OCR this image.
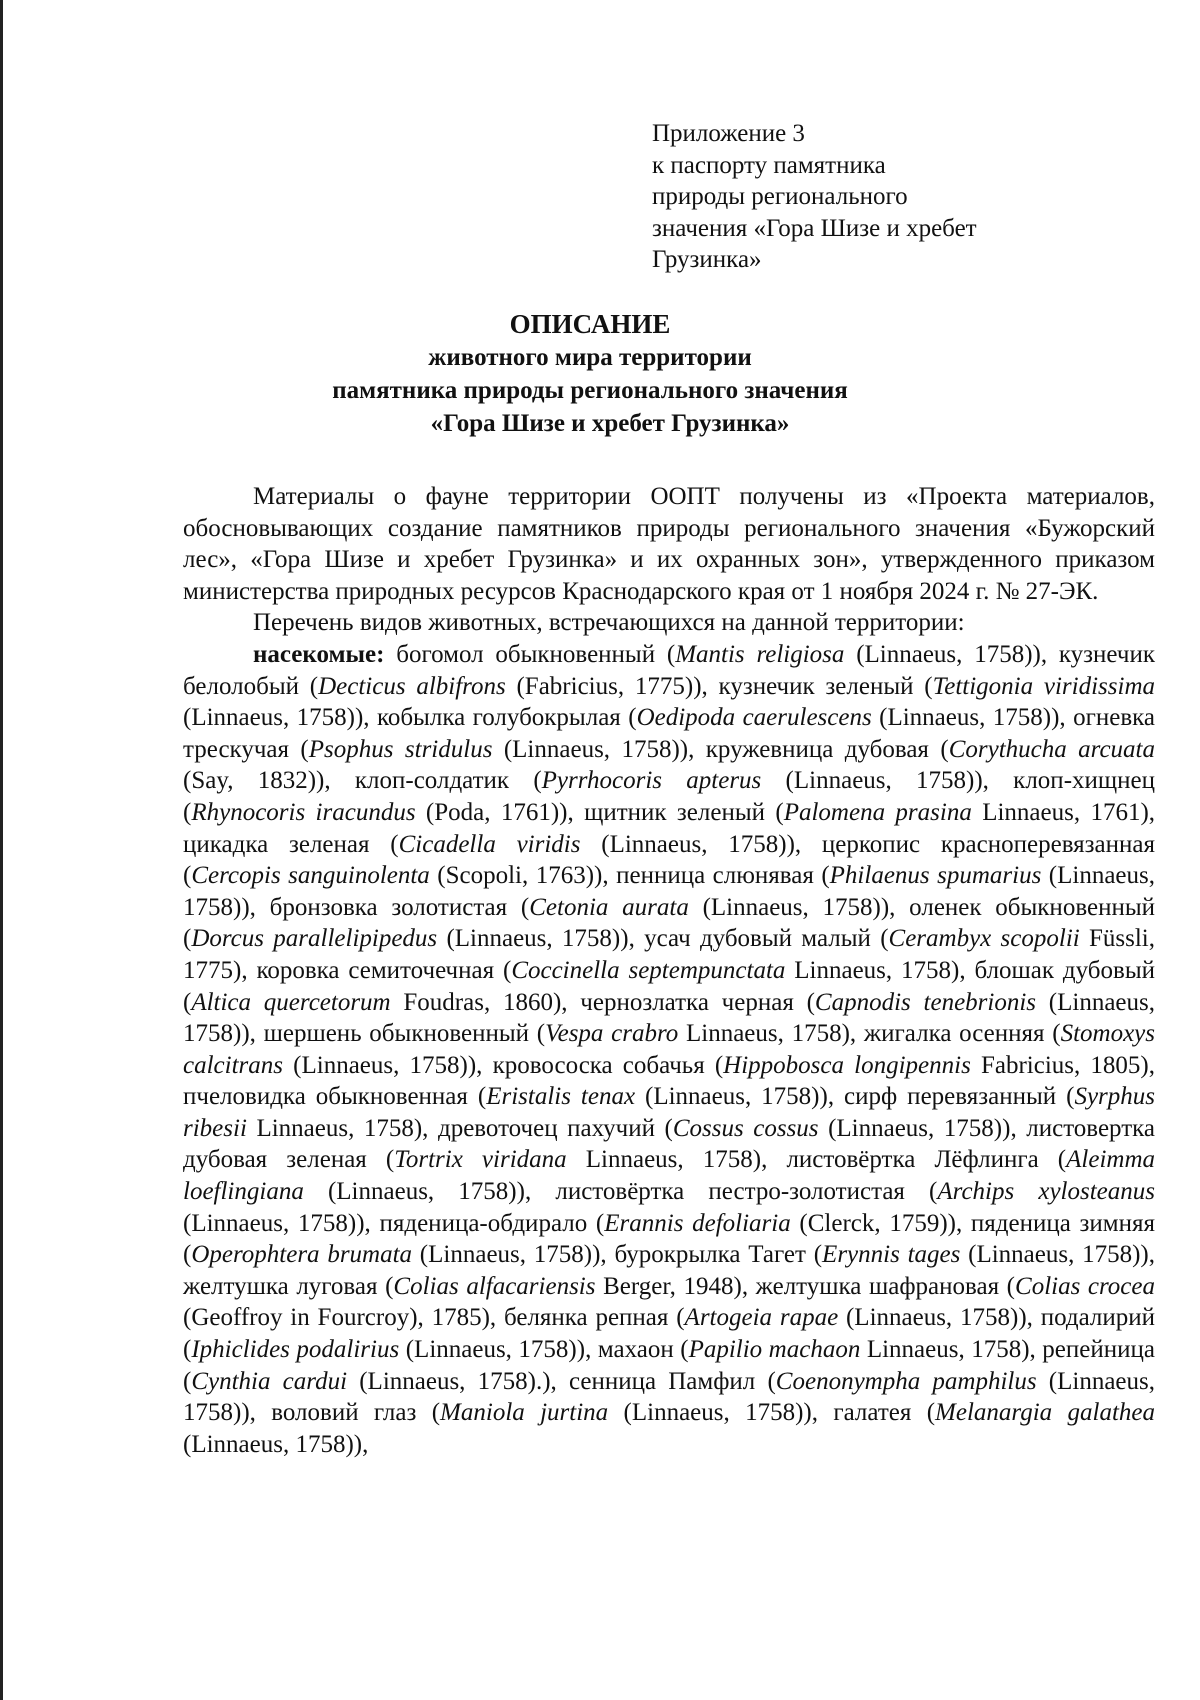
Приложение 3
к паспорту памятника
природы регионального
значения «Гора Шизе и хребет
Грузинка»
ОПИСАНИЕ
животного мира территории
памятника природы регионального значения
«Гора Шизе и хребет Грузинка»

Материалы о фауне территории ООПТ получены из «Проекта материалов, обосновывающих создание памятников природы регионального значения «Бужорский лес», «Гора Шизе и хребет Грузинка» и их охранных зон», утвержденного приказом министерства природных ресурсов Краснодарского края от 1 ноября 2024 г. № 27-ЭК.

Перечень видов животных, встречающихся на данной территории:

насекомые: богомол обыкновенный (Mantis religiosa (Linnaeus, 1758)), кузнечик белолобый (Decticus albifrons (Fabricius, 1775)), кузнечик зеленый (Tettigonia viridissima (Linnaeus, 1758)), кобылка голубокрылая (Oedipoda caerulescens (Linnaeus, 1758)), огневка трескучая (Psophus stridulus (Linnaeus, 1758)), кружевница дубовая (Corythucha arcuata (Say, 1832)), клоп-солдатик (Pyrrhocoris apterus (Linnaeus, 1758)), клоп-хищнец (Rhynocoris iracundus (Poda, 1761)), щитник зеленый (Palomena prasina Linnaeus, 1761), цикадка зеленая (Cicadella viridis (Linnaeus, 1758)), церкопис красноперевязанная (Cercopis sanguinolenta (Scopoli, 1763)), пенница слюнявая (Philaenus spumarius (Linnaeus, 1758)), бронзовка золотистая (Cetonia aurata (Linnaeus, 1758)), оленек обыкновенный (Dorcus parallelipipedus (Linnaeus, 1758)), усач дубовый малый (Cerambyx scopolii Füssli, 1775), коровка семиточечная (Coccinella septempunctata Linnaeus, 1758), блошак дубовый (Altica quercetorum Foudras, 1860), чернозлатка черная (Capnodis tenebrionis (Linnaeus, 1758)), шершень обыкновенный (Vespa crabro Linnaeus, 1758), жигалка осенняя (Stomoxys calcitrans (Linnaeus, 1758)), кровососка собачья (Hippobosca longipennis Fabricius, 1805), пчеловидка обыкновенная (Eristalis tenax (Linnaeus, 1758)), сирф перевязанный (Syrphus ribesii Linnaeus, 1758), древоточец пахучий (Cossus cossus (Linnaeus, 1758)), листовертка дубовая зеленая (Tortrix viridana Linnaeus, 1758), листовёртка Лёфлинга (Aleimma loeflingiana (Linnaeus, 1758)), листовёртка пестро-золотистая (Archips xylosteanus (Linnaeus, 1758)), пяденица-обдирало (Erannis defoliaria (Clerck, 1759)), пяденица зимняя (Operophtera brumata (Linnaeus, 1758)), бурокрылка Тагет (Erynnis tages (Linnaeus, 1758)), желтушка луговая (Colias alfacariensis Berger, 1948), желтушка шафрановая (Colias crocea (Geoffroy in Fourcroy), 1785), белянка репная (Artogeia rapae (Linnaeus, 1758)), подалирий (Iphiclides podalirius (Linnaeus, 1758)), махаон (Papilio machaon Linnaeus, 1758), репейница (Cynthia cardui (Linnaeus, 1758).), сенница Памфил (Coenonympha pamphilus (Linnaeus, 1758)), воловий глаз (Maniola jurtina (Linnaeus, 1758)), галатея (Melanargia galathea (Linnaeus, 1758)),
